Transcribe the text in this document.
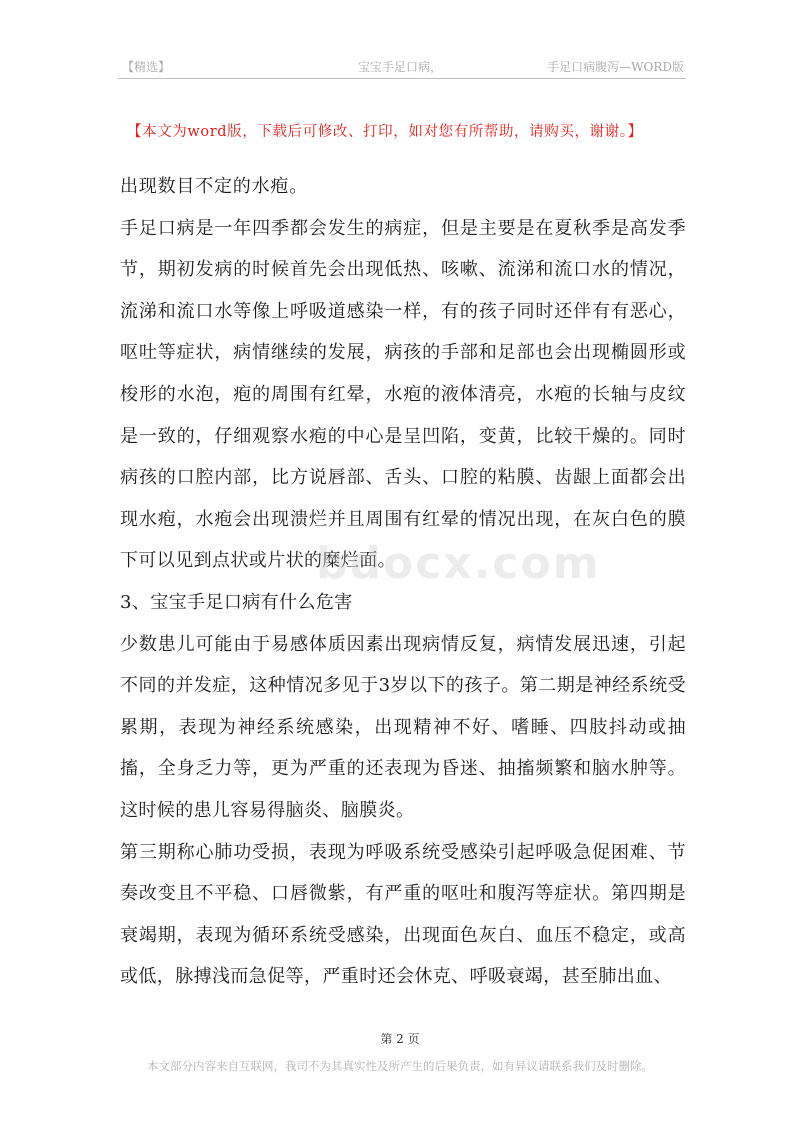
【精选】	宝宝手足口病，	手足口病腹泻—WORD版
【本文为word版，下载后可修改、打印，如对您有所帮助，请购买，谢谢。】

出现数目不定的水疱。

手足口病是一年四季都会发生的病症，但是主要是在夏秋季是高发季节，期初发病的时候首先会出现低热、咳嗽、流涕和流口水的情况，流涕和流口水等像上呼吸道感染一样，有的孩子同时还伴有有恶心，呕吐等症状，病情继续的发展，病孩的手部和足部也会出现椭圆形或梭形的水泡，疱的周围有红晕，水疱的液体清亮，水疱的长轴与皮纹是一致的，仔细观察水疱的中心是呈凹陷，变黄，比较干燥的。同时病孩的口腔内部，比方说唇部、舌头、口腔的粘膜、齿龈上面都会出现水疱，水疱会出现溃烂并且周围有红晕的情况出现，在灰白色的膜下可以见到点状或片状的糜烂面。

3、宝宝手足口病有什么危害

少数患儿可能由于易感体质因素出现病情反复，病情发展迅速，引起不同的并发症，这种情况多见于3岁以下的孩子。第二期是神经系统受累期，表现为神经系统感染，出现精神不好、嗜睡、四肢抖动或抽搐，全身乏力等，更为严重的还表现为昏迷、抽搐频繁和脑水肿等。这时候的患儿容易得脑炎、脑膜炎。

第三期称心肺功受损，表现为呼吸系统受感染引起呼吸急促困难、节奏改变且不平稳、口唇微紫，有严重的呕吐和腹泻等症状。第四期是衰竭期，表现为循环系统受感染，出现面色灰白、血压不稳定，或高或低，脉搏浅而急促等，严重时还会休克、呼吸衰竭，甚至肺出血、

bdocx.com
第 2 页
本文部分内容来自互联网，我司不为其真实性及所产生的后果负责，如有异议请联系我们及时删除。
